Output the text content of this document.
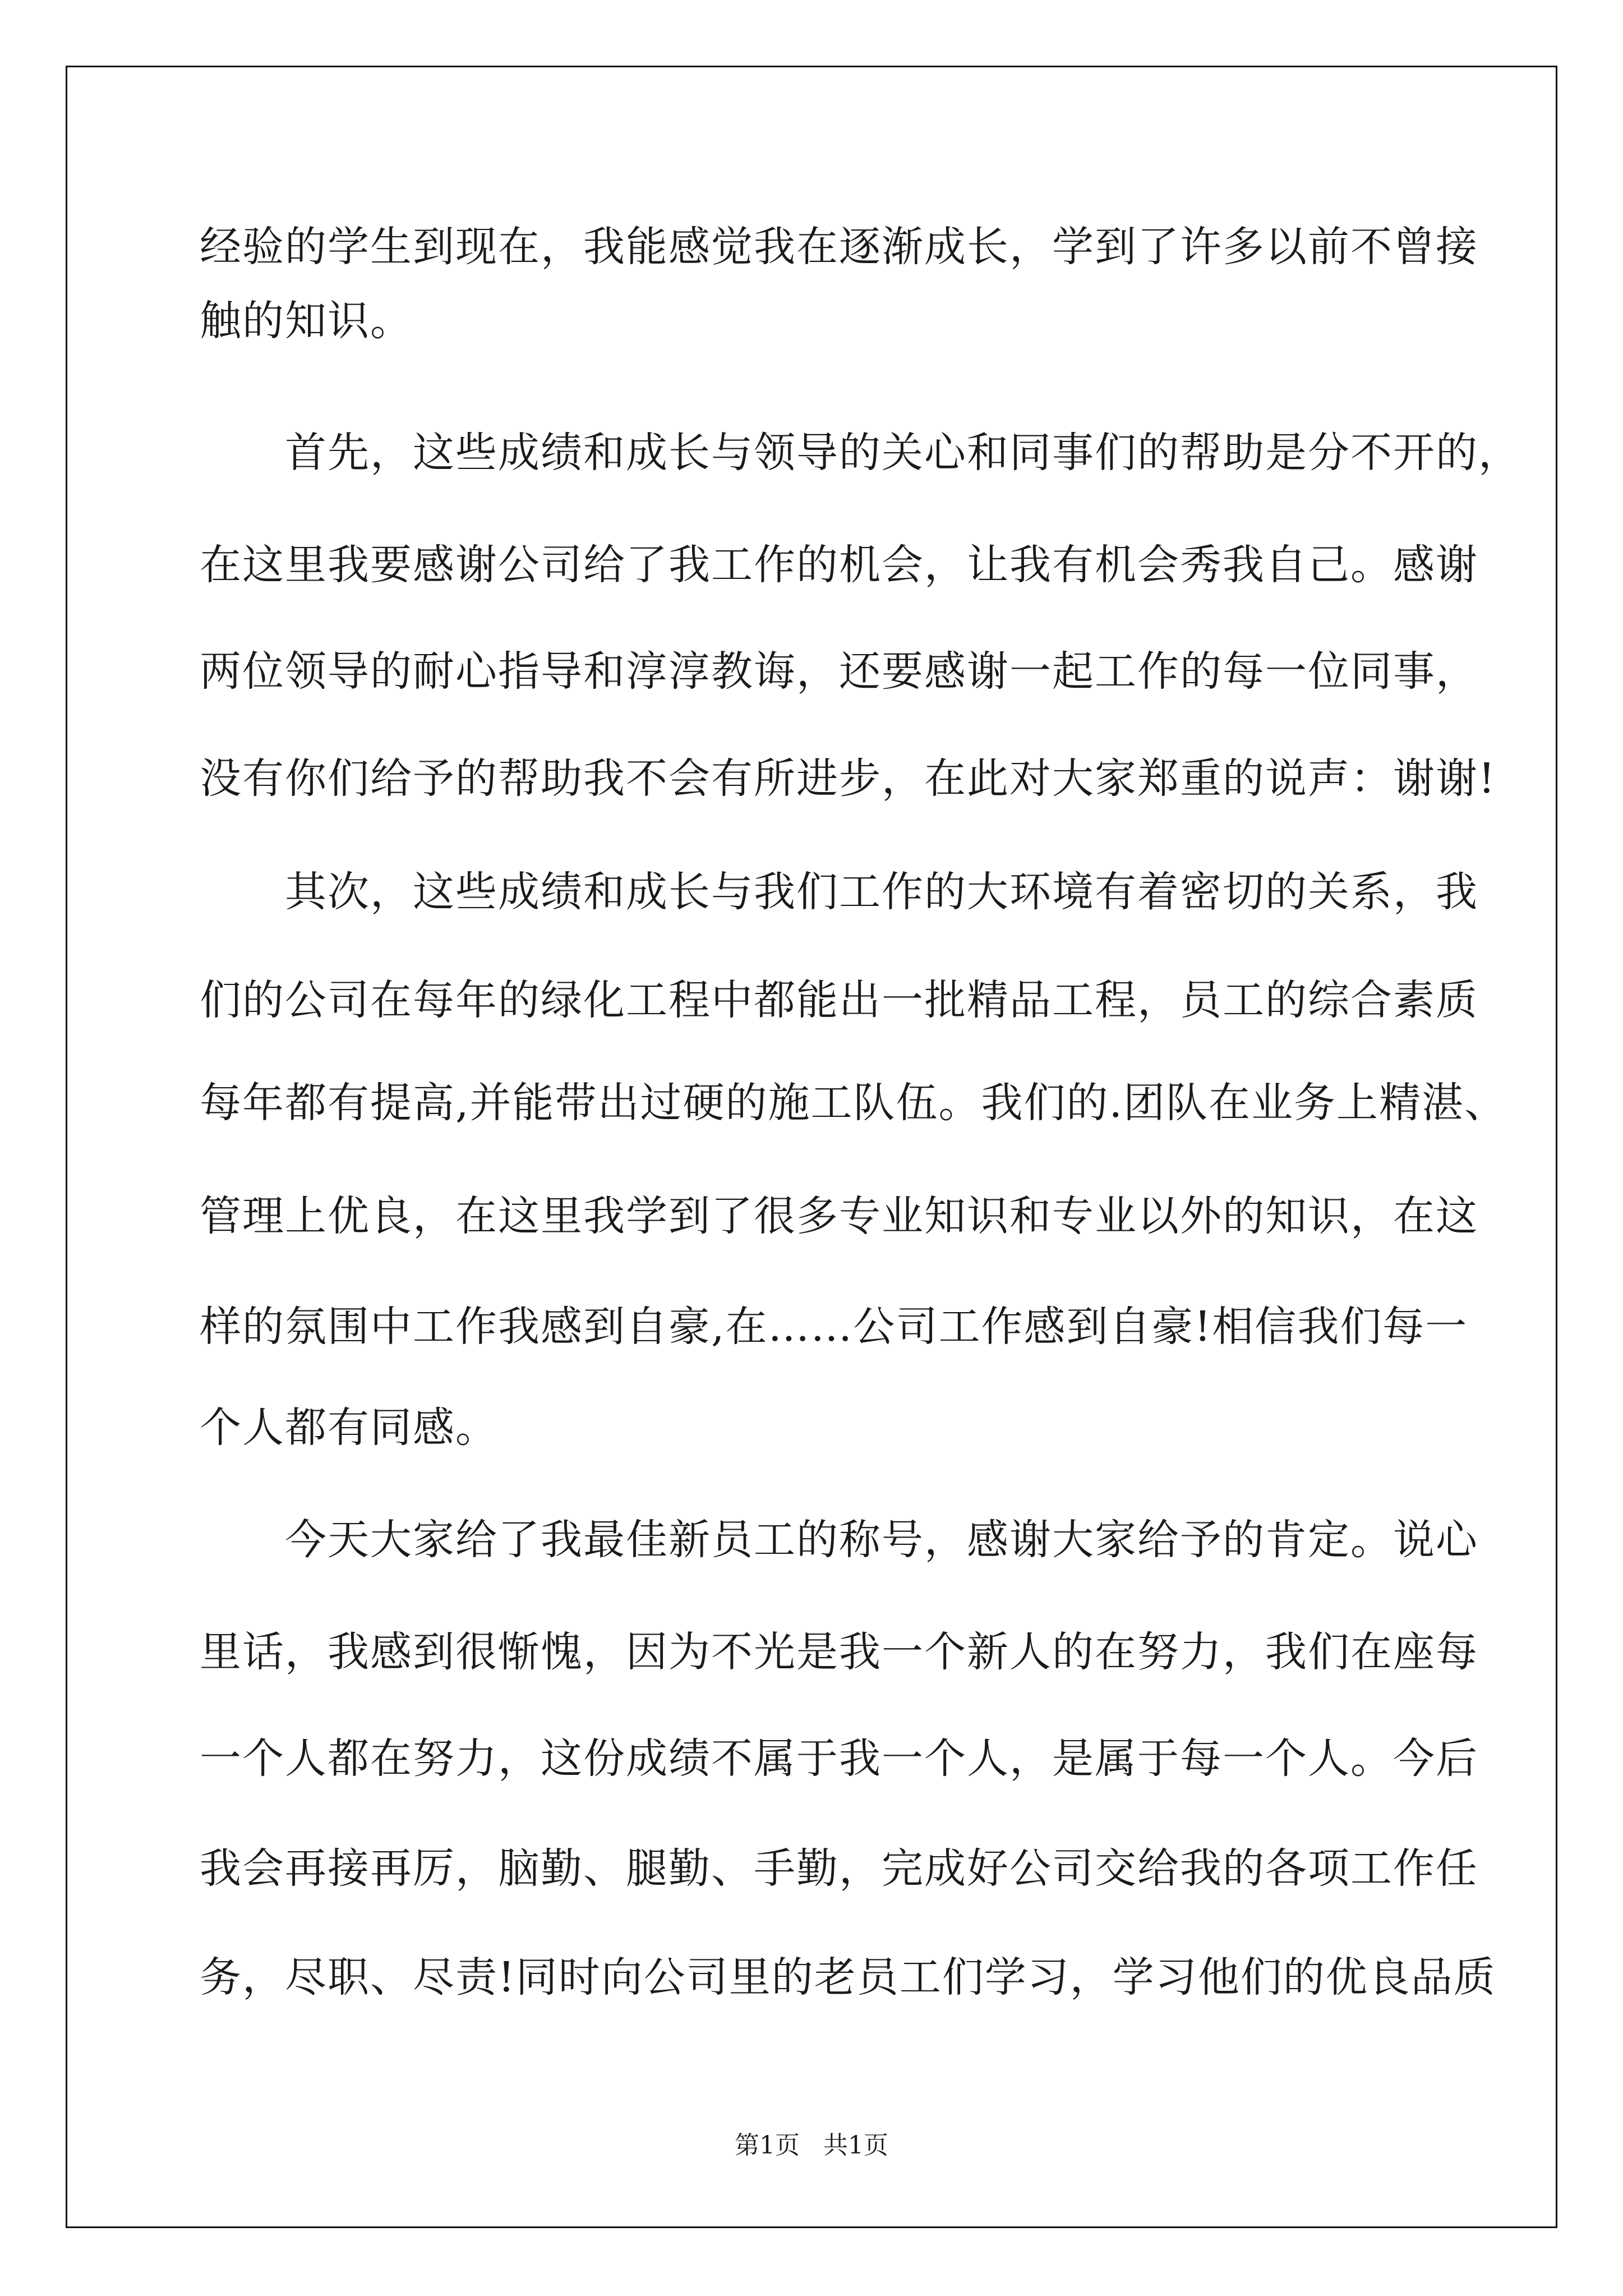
经验的学生到现在，我能感觉我在逐渐成长，学到了许多以前不曾接
触的知识。
　　首先，这些成绩和成长与领导的关心和同事们的帮助是分不开的，
在这里我要感谢公司给了我工作的机会，让我有机会秀我自己。感谢
两位领导的耐心指导和淳淳教诲，还要感谢一起工作的每一位同事，
没有你们给予的帮助我不会有所进步，在此对大家郑重的说声：谢谢!
　　其次，这些成绩和成长与我们工作的大环境有着密切的关系，我
们的公司在每年的绿化工程中都能出一批精品工程，员工的综合素质
每年都有提高,并能带出过硬的施工队伍。我们的.团队在业务上精湛、
管理上优良，在这里我学到了很多专业知识和专业以外的知识，在这
样的氛围中工作我感到自豪,在……公司工作感到自豪!相信我们每一
个人都有同感。
　　今天大家给了我最佳新员工的称号，感谢大家给予的肯定。说心
里话，我感到很惭愧，因为不光是我一个新人的在努力，我们在座每
一个人都在努力，这份成绩不属于我一个人，是属于每一个人。今后
我会再接再厉，脑勤、腿勤、手勤，完成好公司交给我的各项工作任
务，尽职、尽责!同时向公司里的老员工们学习，学习他们的优良品质
第1页   共1页
